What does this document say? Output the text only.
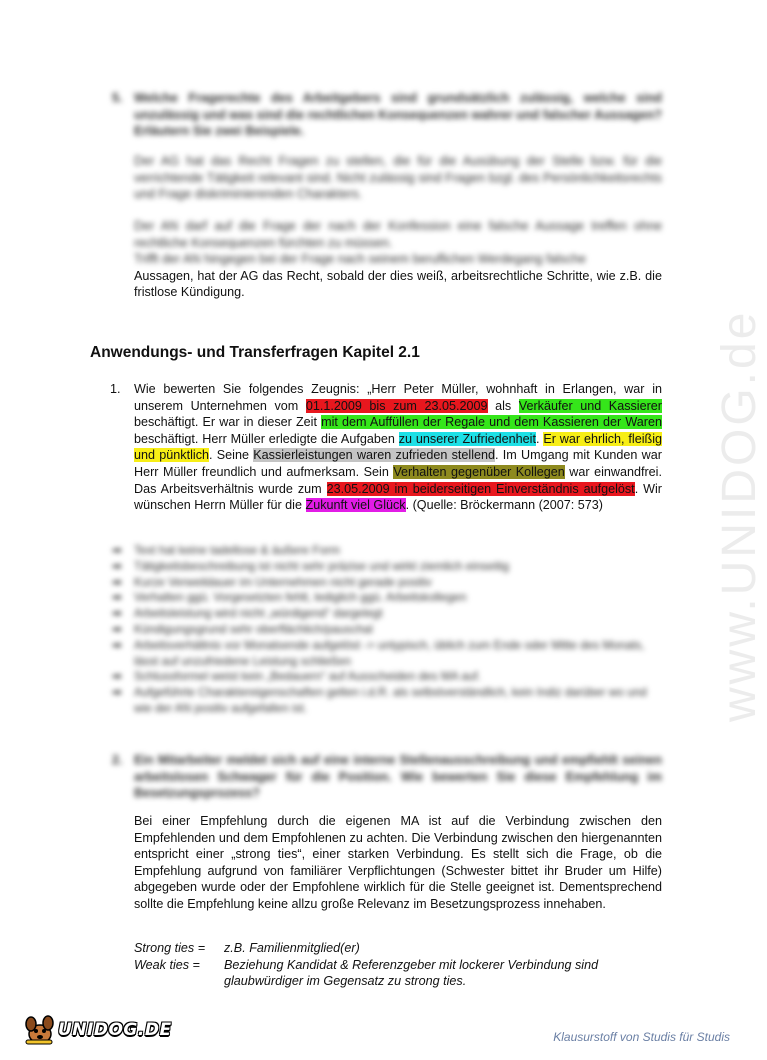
5. Welche Fragerechte des Arbeitgebers sind grundsätzlich zulässig, welche sind unzulässig und was sind die rechtlichen Konsequenzen wahrer und falscher Aussagen? Erläutern Sie zwei Beispiele.
Der AG hat das Recht Fragen zu stellen, die für die Ausübung der Stelle bzw. für die verrichtende Tätigkeit relevant sind. Nicht zulässig sind Fragen bzgl. des Persönlichkeitsrechts und Frage diskriminierenden Charakters.
Der AN darf auf die Frage der nach der Konfession eine falsche Aussage treffen ohne rechtliche Konsequenzen fürchten zu müssen.
Trifft der AN hingegen bei der Frage nach seinem beruflichen Werdegang falsche
Aussagen, hat der AG das Recht, sobald der dies weiß, arbeitsrechtliche Schritte, wie z.B. die fristlose Kündigung.
Anwendungs- und Transferfragen Kapitel 2.1
1. Wie bewerten Sie folgendes Zeugnis: „Herr Peter Müller, wohnhaft in Erlangen, war in unserem Unternehmen vom 01.1.2009 bis zum 23.05.2009 als Verkäufer und Kassierer beschäftigt. Er war in dieser Zeit mit dem Auffüllen der Regale und dem Kassieren der Waren beschäftigt. Herr Müller erledigte die Aufgaben zu unserer Zufriedenheit. Er war ehrlich, fleißig und pünktlich. Seine Kassierleistungen waren zufrieden stellend. Im Umgang mit Kunden war Herr Müller freundlich und aufmerksam. Sein Verhalten gegenüber Kollegen war einwandfrei. Das Arbeitsverhältnis wurde zum 23.05.2009 im beiderseitigen Einverständnis aufgelöst. Wir wünschen Herrn Müller für die Zukunft viel Glück. (Quelle: Bröckermann (2007: 573)
➡ Text hat keine tadellose & äußere Form
➡ Tätigkeitsbeschreibung ist nicht sehr präzise und wirkt ziemlich einseitig
➡ Kurze Verweildauer im Unternehmen nicht gerade positiv
➡ Verhalten ggü. Vorgesetzten fehlt, lediglich ggü. Arbeitskollegen
➡ Arbeitsleistung wird nicht „würdigend“ dargelegt
➡ Kündigungsgrund sehr oberflächlich/pauschal
➡ Arbeitsverhältnis vor Monatsende aufgelöst -> untypisch, üblich zum Ende oder Mitte des Monats, lässt auf unzufriedene Leistung schließen
➡ Schlussformel weist kein „Bedauern“ auf Ausscheiden des MA auf.
➡ Aufgeführte Charaktereigenschaften gelten i.d.R. als selbstverständlich, kein Indiz darüber wo und wie der AN positiv aufgefallen ist.
2. Ein Mitarbeiter meldet sich auf eine interne Stellenausschreibung und empfiehlt seinen arbeitslosen Schwager für die Position. Wie bewerten Sie diese Empfehlung im Besetzungsprozess?
Bei einer Empfehlung durch die eigenen MA ist auf die Verbindung zwischen den Empfehlenden und dem Empfohlenen zu achten. Die Verbindung zwischen den hiergenannten entspricht einer „strong ties“, einer starken Verbindung. Es stellt sich die Frage, ob die Empfehlung aufgrund von familiärer Verpflichtungen (Schwester bittet ihr Bruder um Hilfe) abgegeben wurde oder der Empfohlene wirklich für die Stelle geeignet ist. Dementsprechend sollte die Empfehlung keine allzu große Relevanz im Besetzungsprozess innehaben.
Strong ties =	z.B. Familienmitglied(er)
Weak ties =	Beziehung Kandidat & Referenzgeber mit lockerer Verbindung sind glaubwürdiger im Gegensatz zu strong ties.
www.UNIDOG.de
UNIDOG.DE	Klausurstoff von Studis für Studis
